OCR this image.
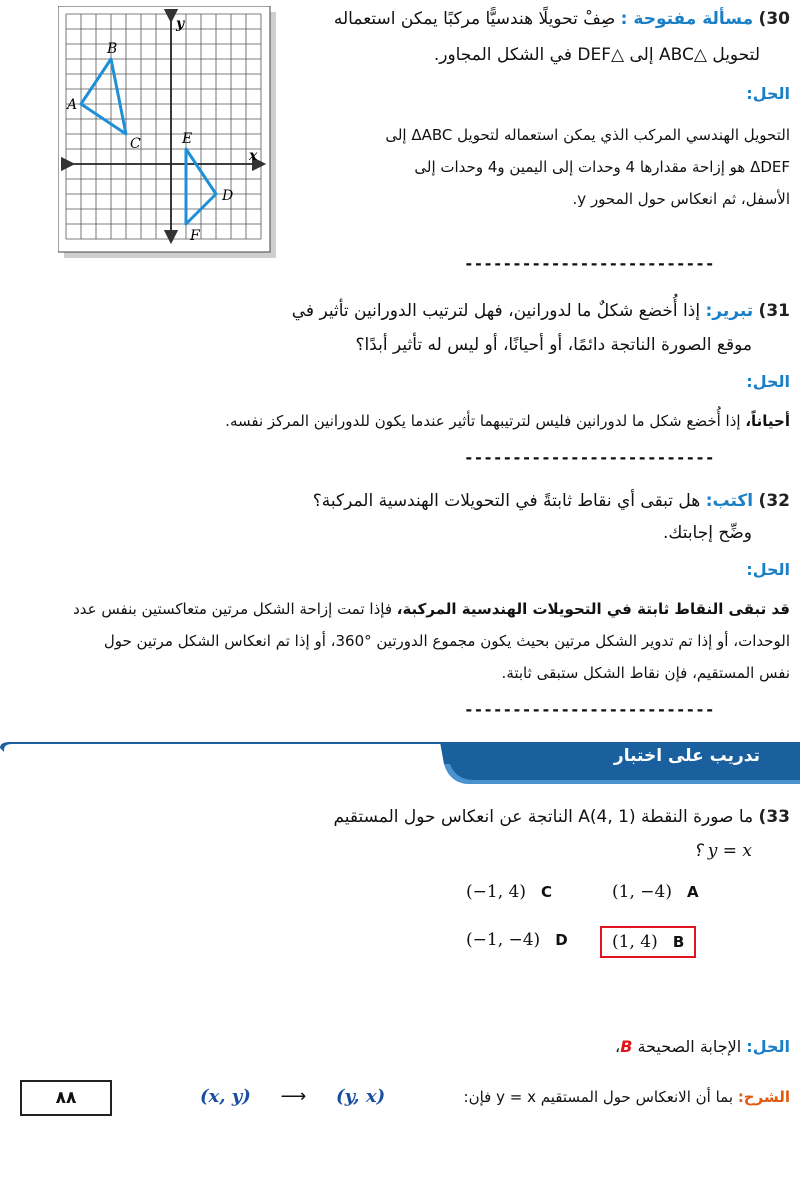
30) مسألة مفتوحة : صِفْ تحويلًا هندسيًّا مركبًا يمكن استعماله
لتحويل △ABC إلى △DEF في الشكل المجاور.
الحل:
التحويل الهندسي المركب الذي يمكن استعماله لتحويل ΔABC إلى
ΔDEF هو إزاحة مقدارها 4 وحدات إلى اليمين و4 وحدات إلى
الأسفل، ثم انعكاس حول المحور y.
y
x
A
B
C
D
E
F
--------------------------
31) تبرير: إذا أُخضع شكلٌ ما لدورانين، فهل لترتيب الدورانين تأثير في
موقع الصورة الناتجة دائمًا، أو أحيانًا، أو ليس له تأثير أبدًا؟
الحل:
أحياناً، إذا أُخضع شكل ما لدورانين فليس لترتيبهما تأثير عندما يكون للدورانين المركز نفسه.
--------------------------
32) اكتب: هل تبقى أي نقاط ثابتةً في التحويلات الهندسية المركبة؟
وضِّح إجابتك.
الحل:
قد تبقى النقاط ثابتة في التحويلات الهندسية المركبة، فإذا تمت إزاحة الشكل مرتين متعاكستين بنفس عدد
الوحدات، أو إذا تم تدوير الشكل مرتين بحيث يكون مجموع الدورتين °360، أو إذا تم انعكاس الشكل مرتين حول
نفس المستقيم، فإن نقاط الشكل ستبقى ثابتة.
--------------------------
تدريب على اختبار
33) ما صورة النقطة (A(4, 1 الناتجة عن انعكاس حول المستقيم
y = x ؟
(1, −4) A
(−1, 4) C
(1, 4) B
(−1, −4) D
الحل: الإجابة الصحيحة B،
الشرح: بما أن الانعكاس حول المستقيم y = x فإن:
(x, y) ⟶ (y, x)
٨٨
